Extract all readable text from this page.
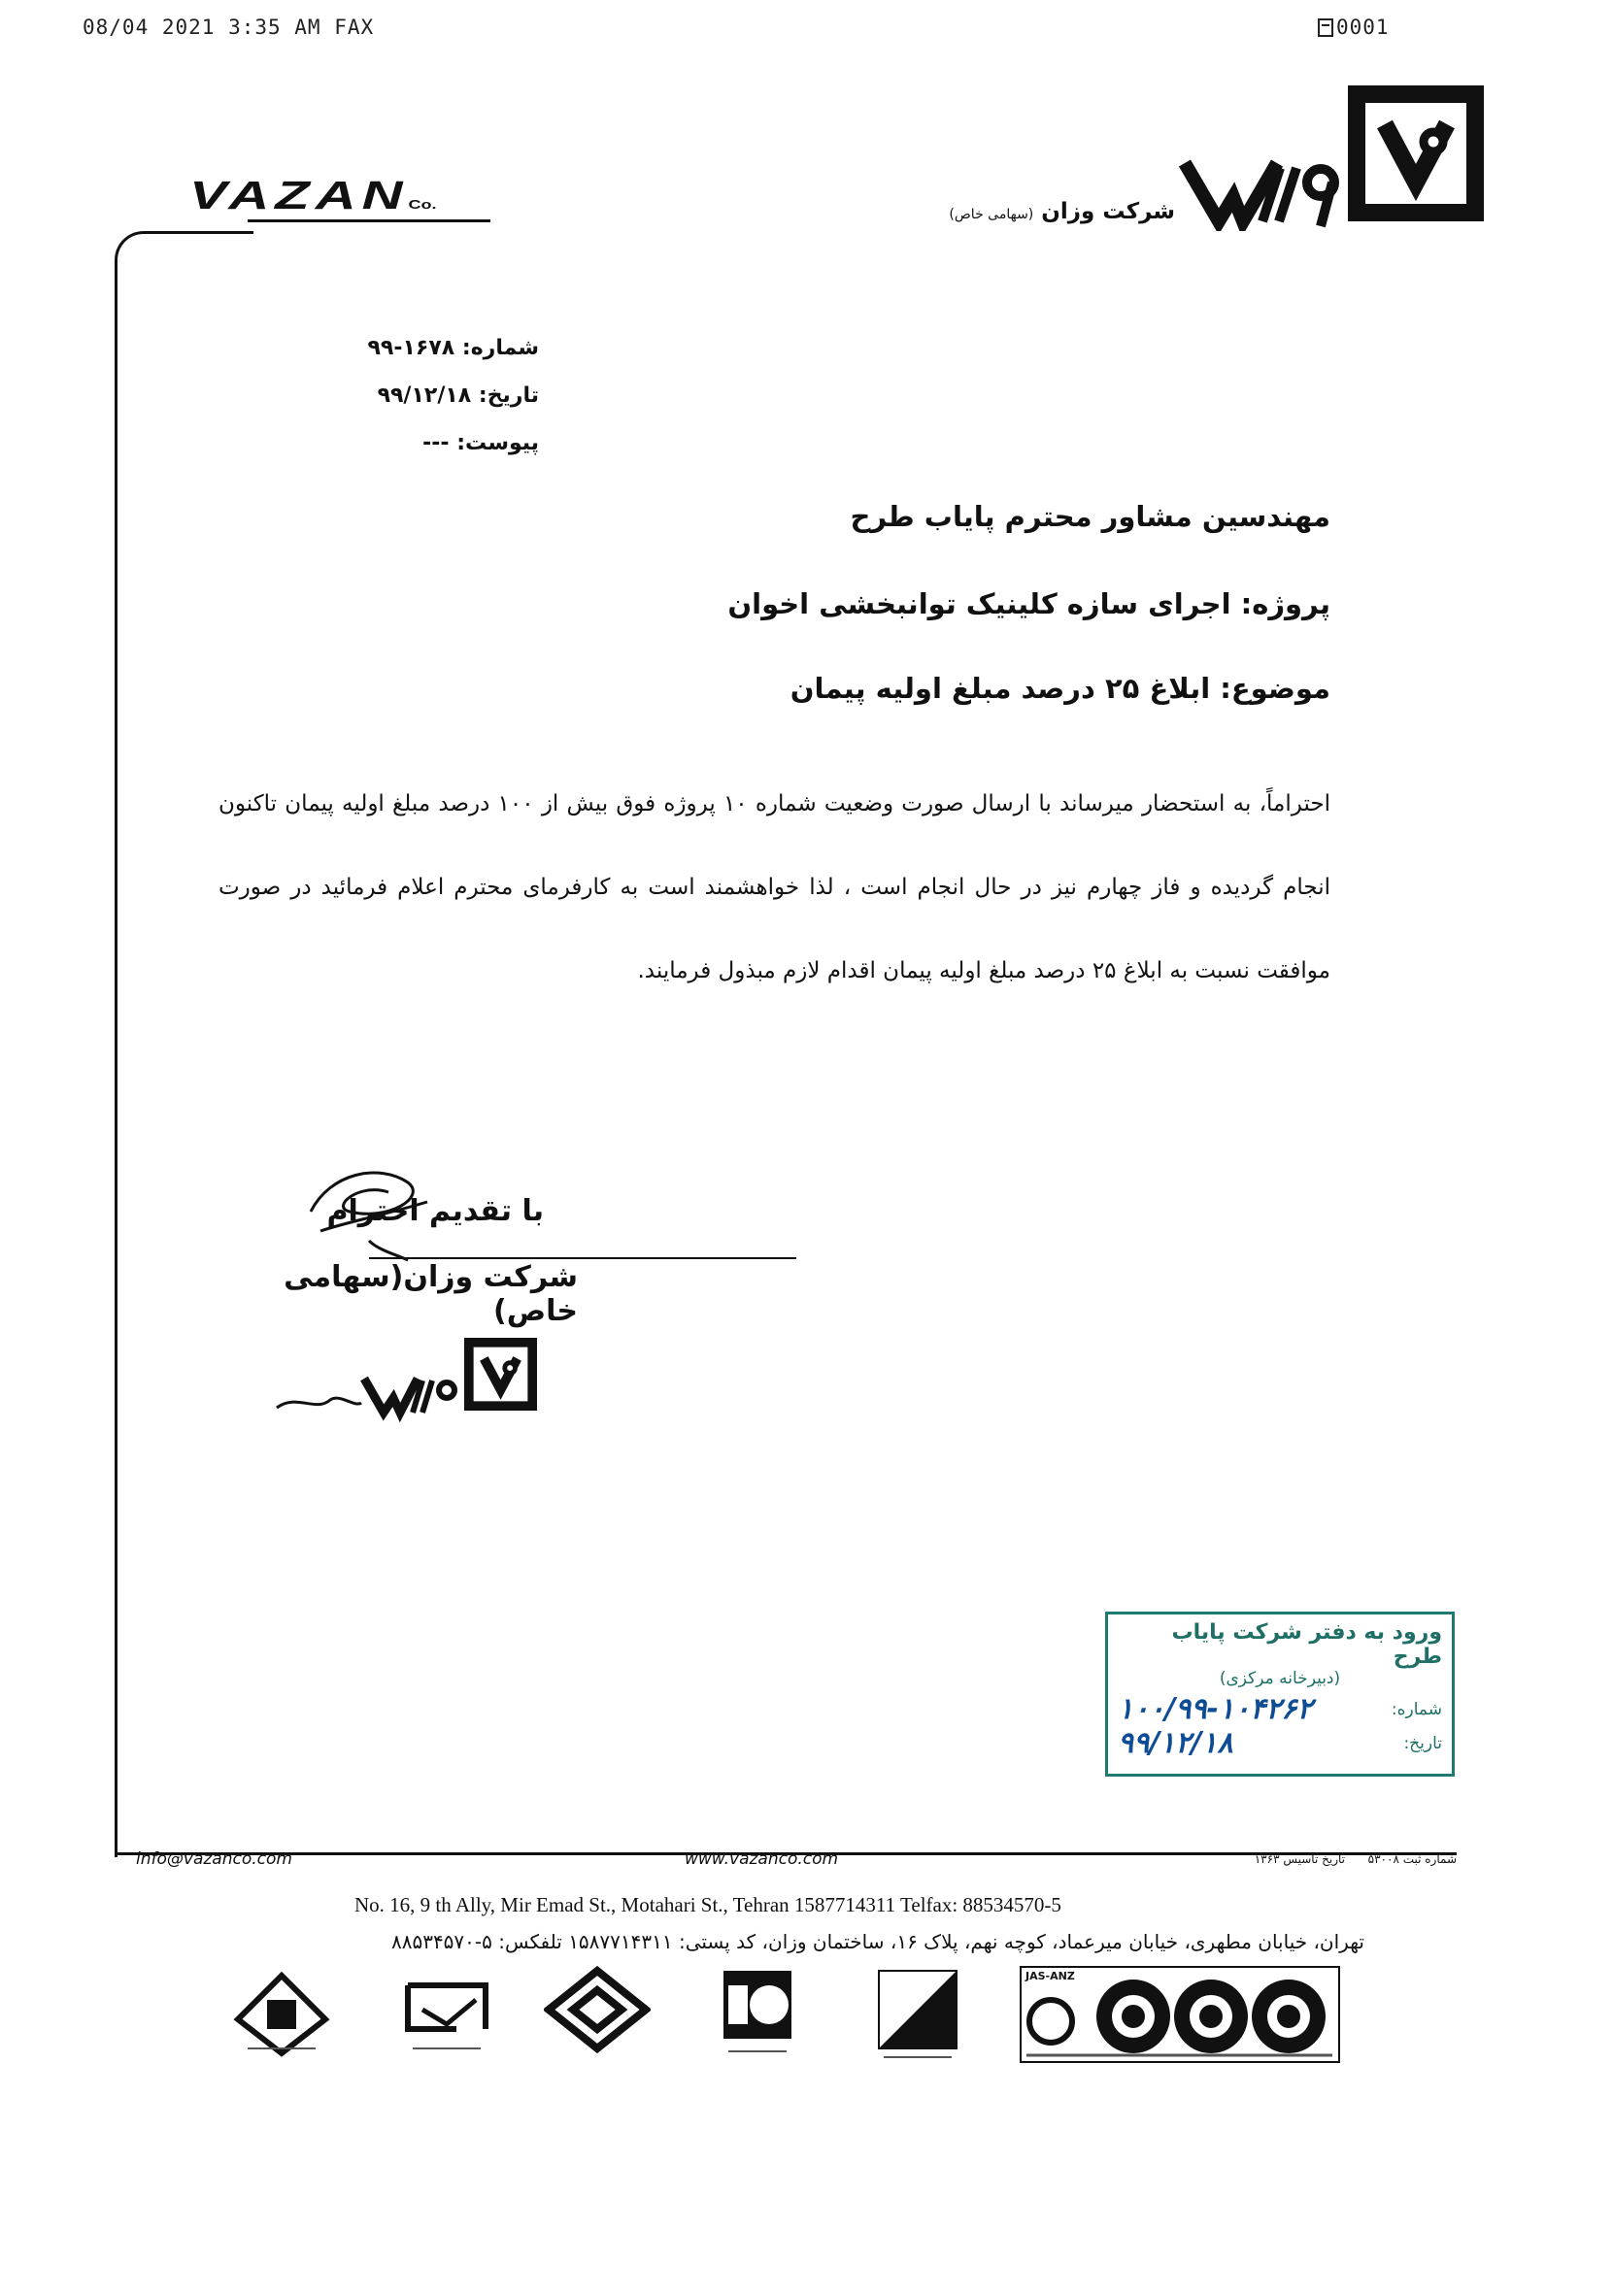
08/04 2021 3:35 AM FAX	0001
شرکت وزان (سهامی خاص)
VAZANCo.
شماره: ۱۶۷۸-۹۹
تاریخ: ۹۹/۱۲/۱۸
پیوست: ---
مهندسین مشاور محترم پایاب طرح
پروژه: اجرای سازه کلینیک توانبخشی اخوان
موضوع: ابلاغ ۲۵ درصد مبلغ اولیه پیمان
احتراماً، به استحضار میرساند با ارسال صورت وضعیت شماره ۱۰ پروژه فوق بیش از ۱۰۰ درصد مبلغ اولیه پیمان تاکنون انجام گردیده و فاز چهارم نیز در حال انجام است ، لذا خواهشمند است به کارفرمای محترم اعلام فرمائید در صورت موافقت نسبت به ابلاغ ۲۵ درصد مبلغ اولیه پیمان اقدام لازم مبذول فرمایند.
با تقدیم احترام
شرکت وزان(سهامی خاص)
ورود به دفتر شرکت پایاب طرح
(دبیرخانه مرکزی)
شماره:
۱۰۰/۹۹-۱۰۴۲۶۲
تاریخ:
۹۹/۱۲/۱۸
info@vazanco.com	www.vazanco.com	تاریخ تاسیس ۱۳۶۳	شماره ثبت ۵۳۰۰۸
No. 16, 9 th Ally, Mir Emad St., Motahari St., Tehran 1587714311 Telfax: 88534570-5
تهران، خیابان مطهری، خیابان میرعماد، کوچه نهم، پلاک ۱۶، ساختمان وزان، کد پستی: ۱۵۸۷۷۱۴۳۱۱ تلفکس: ۵-۸۸۵۳۴۵۷۰
JAS-ANZ
